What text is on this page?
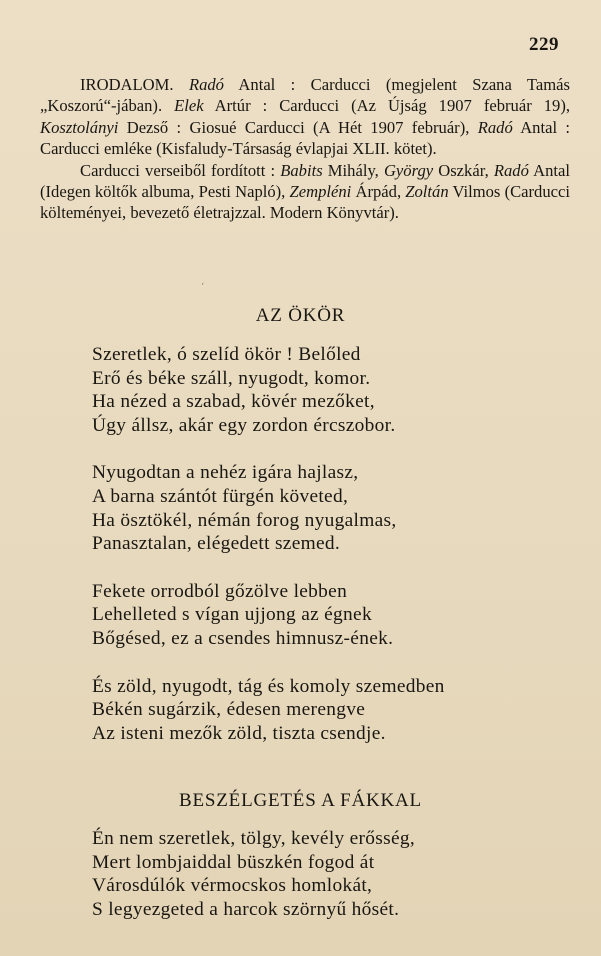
229

IRODALOM. Radó Antal : Carducci (megjelent Szana Tamás „Koszorú“-jában). Elek Artúr : Carducci (Az Újság 1907 február 19), Kosztolányi Dezső : Giosué Carducci (A Hét 1907 február), Radó Antal : Carducci emléke (Kisfaludy-Társaság évlapjai XLII. kötet).

Carducci verseiből fordított : Babits Mihály, György Oszkár, Radó Antal (Idegen költők albuma, Pesti Napló), Zempléni Árpád, Zoltán Vilmos (Carducci költeményei, bevezető életrajzzal. Modern Könyvtár).

ʻ
AZ ÖKÖR
Szeretlek, ó szelíd ökör ! Belőled
Erő és béke száll, nyugodt, komor.
Ha nézed a szabad, kövér mezőket,
Úgy állsz, akár egy zordon ércszobor.
Nyugodtan a nehéz igára hajlasz,
A barna szántót fürgén követed,
Ha ösztökél, némán forog nyugalmas,
Panasztalan, elégedett szemed.
Fekete orrodból gőzölve lebben
Lehelleted s vígan ujjong az égnek
Bőgésed, ez a csendes himnusz-ének.
És zöld, nyugodt, tág és komoly szemedben
Békén sugárzik, édesen merengve
Az isteni mezők zöld, tiszta csendje.
BESZÉLGETÉS A FÁKKAL
Én nem szeretlek, tölgy, kevély erősség,
Mert lombjaiddal büszkén fogod át
Városdúlók vérmocskos homlokát,
S legyezgeted a harcok szörnyű hősét.
